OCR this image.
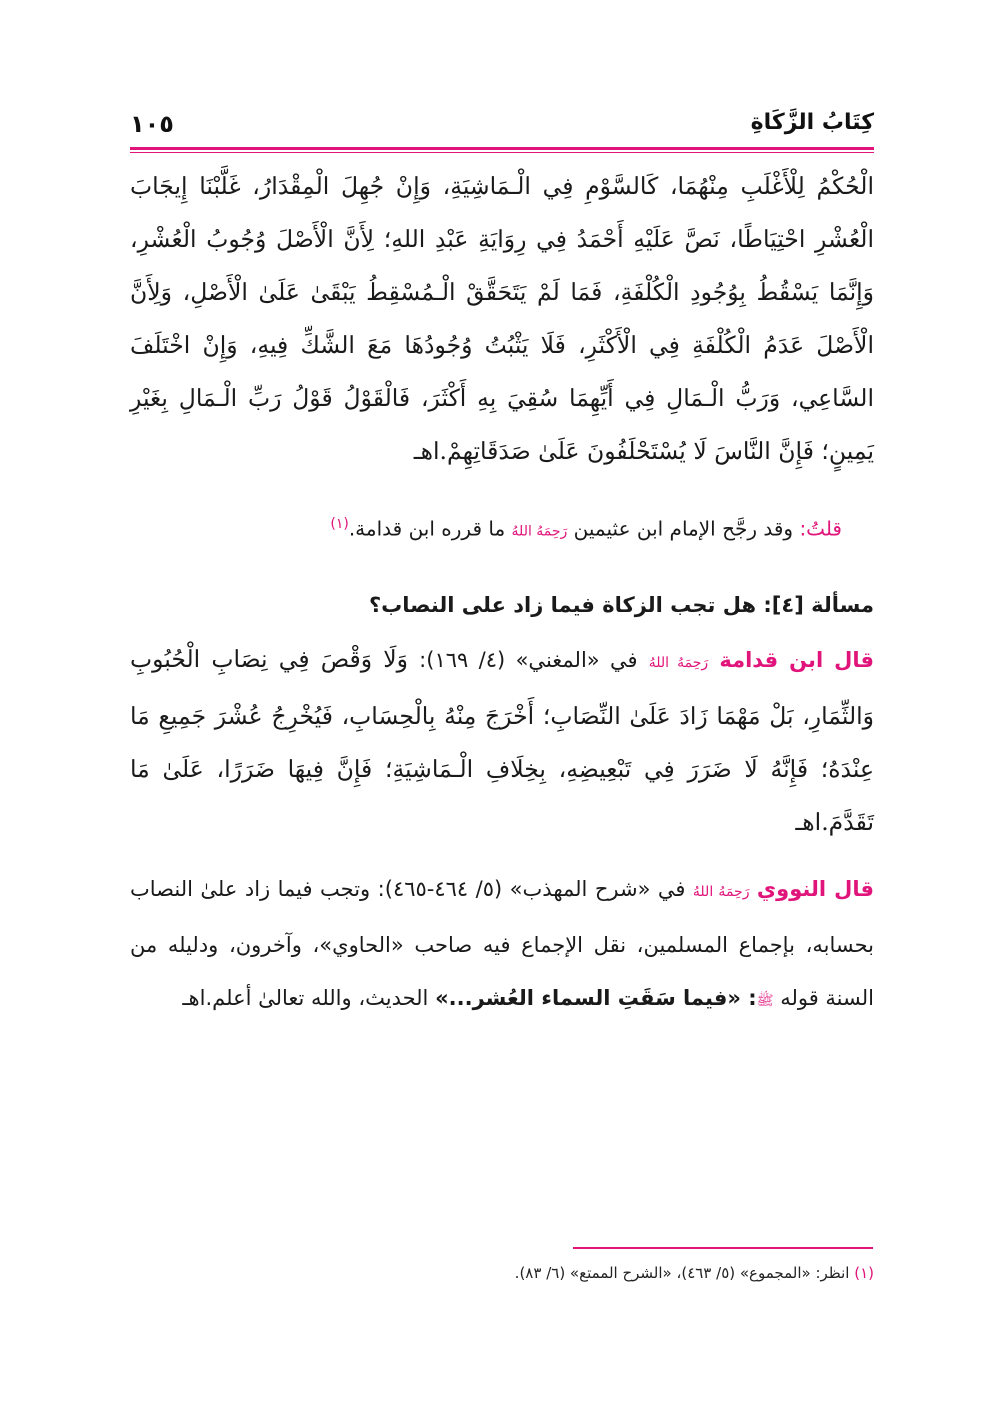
كِتَابُ الزَّكَاةِ
١٠٥

الْحُكْمُ لِلْأَغْلَبِ مِنْهُمَا، كَالسَّوْمِ فِي الْـمَاشِيَةِ، وَإِنْ جُهِلَ الْمِقْدَارُ، غَلَّبْنَا إِيجَابَ الْعُشْرِ احْتِيَاطًا، نَصَّ عَلَيْهِ أَحْمَدُ فِي رِوَايَةِ عَبْدِ اللهِ؛ لِأَنَّ الْأَصْلَ وُجُوبُ الْعُشْرِ، وَإِنَّمَا يَسْقُطُ بِوُجُودِ الْكُلْفَةِ، فَمَا لَمْ يَتَحَقَّقْ الْـمُسْقِطُ يَبْقَىٰ عَلَىٰ الْأَصْلِ، وَلِأَنَّ الْأَصْلَ عَدَمُ الْكُلْفَةِ فِي الْأَكْثَرِ، فَلَا يَثْبُتُ وُجُودُهَا مَعَ الشَّكِّ فِيهِ، وَإِنْ اخْتَلَفَ السَّاعِي، وَرَبُّ الْـمَالِ فِي أَيِّهِمَا سُقِيَ بِهِ أَكْثَرَ، فَالْقَوْلُ قَوْلُ رَبِّ الْـمَالِ بِغَيْرِ يَمِينٍ؛ فَإِنَّ النَّاسَ لَا يُسْتَحْلَفُونَ عَلَىٰ صَدَقَاتِهِمْ.اهـ

قلتُ: وقد رجَّح الإمام ابن عثيمين رَحِمَهُ اللهُ ما قرره ابن قدامة.$^{(١)}$

مسألة [٤]: هل تجب الزكاة فيما زاد على النصاب؟

قال ابن قدامة رَحِمَهُ اللهُ في «المغني» (٤/ ١٦٩): وَلَا وَقْصَ فِي نِصَابِ الْحُبُوبِ وَالثِّمَارِ، بَلْ مَهْمَا زَادَ عَلَىٰ النِّصَابِ؛ أَخْرَجَ مِنْهُ بِالْحِسَابِ، فَيُخْرِجُ عُشْرَ جَمِيعِ مَا عِنْدَهُ؛ فَإِنَّهُ لَا ضَرَرَ فِي تَبْعِيضِهِ، بِخِلَافِ الْـمَاشِيَةِ؛ فَإِنَّ فِيهَا ضَرَرًا، عَلَىٰ مَا تَقَدَّمَ.اهـ

قال النووي رَحِمَهُ اللهُ في «شرح المهذب» (٥/ ٤٦٤-٤٦٥): وتجب فيما زاد علىٰ النصاب بحسابه، بإجماع المسلمين، نقل الإجماع فيه صاحب «الحاوي»، وآخرون، ودليله من السنة قوله ﷺ: «فيما سَقَتِ السماء العُشر...» الحديث، والله تعالىٰ أعلم.اهـ

(١) انظر: «المجموع» (٥/ ٤٦٣)، «الشرح الممتع» (٦/ ٨٣).
